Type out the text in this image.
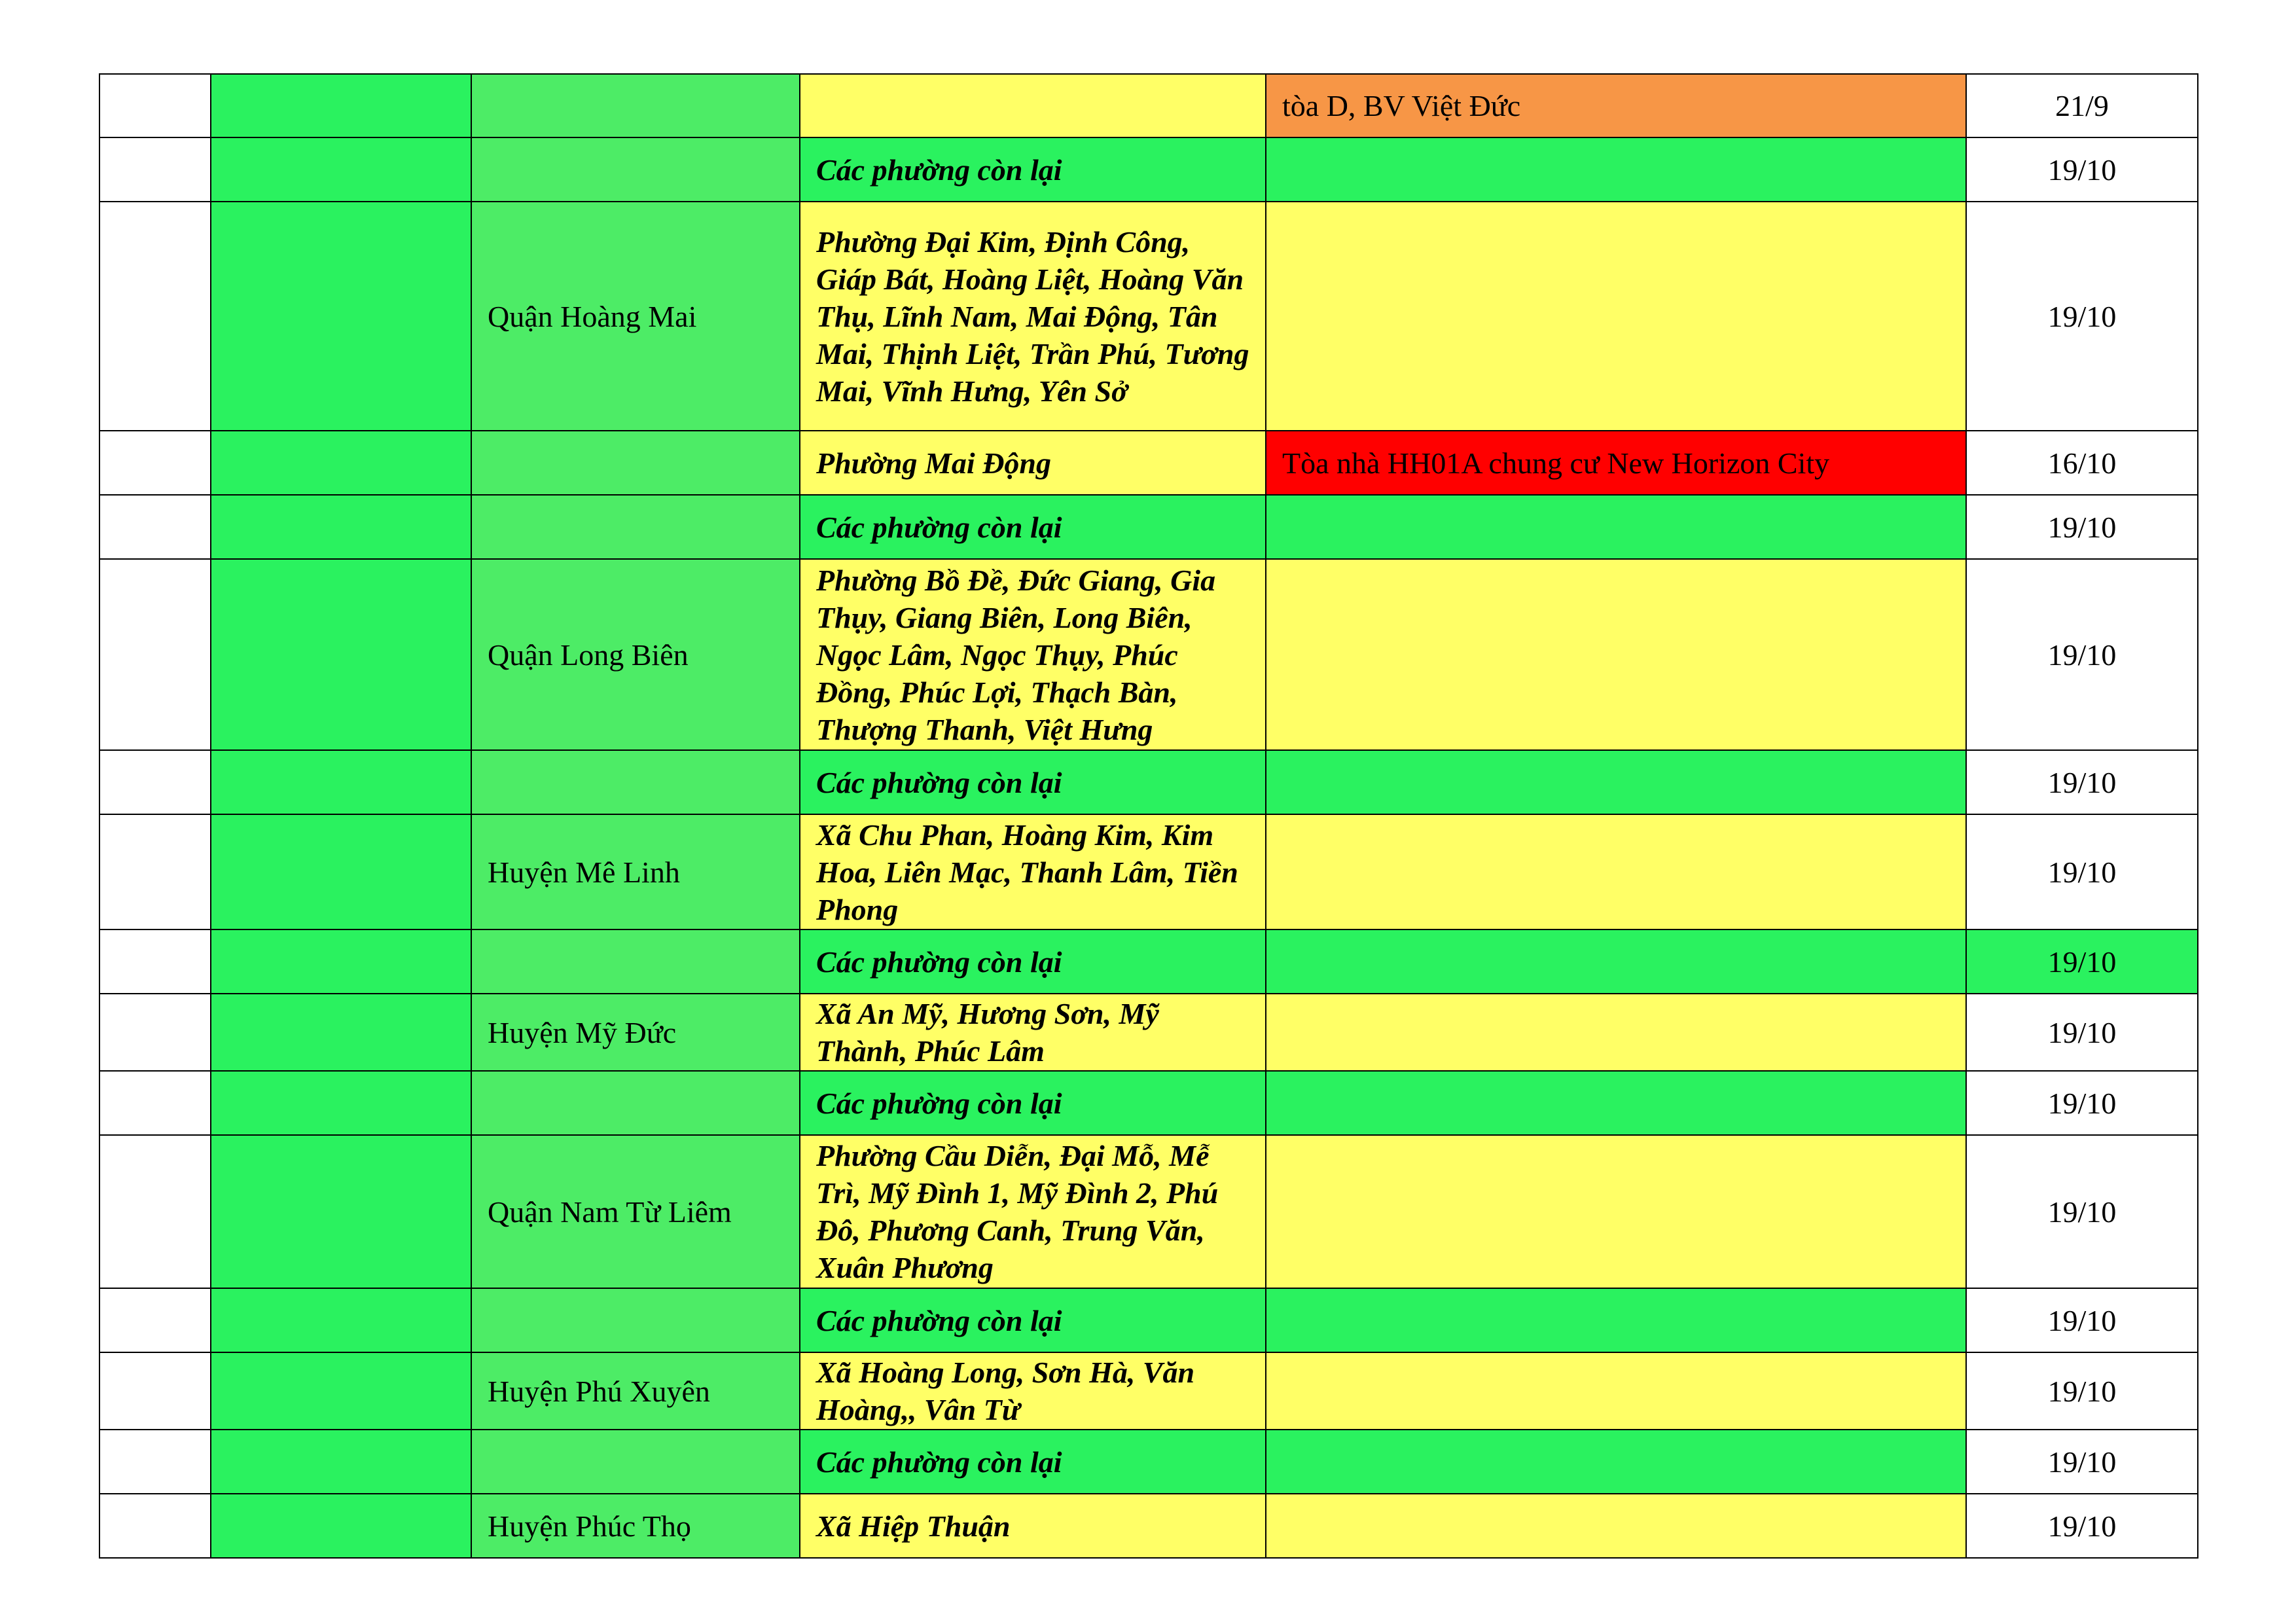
				tòa D, BV Việt Đức	21/9
			Các phường còn lại		19/10
		Quận Hoàng Mai	Phường Đại Kim, Định Công, Giáp Bát, Hoàng Liệt, Hoàng Văn Thụ, Lĩnh Nam, Mai Động, Tân Mai, Thịnh Liệt, Trần Phú, Tương Mai, Vĩnh Hưng, Yên Sở		19/10
			Phường Mai Động	Tòa nhà HH01A chung cư New Horizon City	16/10
			Các phường còn lại		19/10
		Quận Long Biên	Phường Bồ Đề, Đức Giang, Gia Thụy, Giang Biên, Long Biên, Ngọc Lâm, Ngọc Thụy, Phúc Đồng, Phúc Lợi, Thạch Bàn, Thượng Thanh, Việt Hưng		19/10
			Các phường còn lại		19/10
		Huyện Mê Linh	Xã Chu Phan, Hoàng Kim, Kim Hoa, Liên Mạc, Thanh Lâm, Tiền Phong		19/10
			Các phường còn lại		19/10
		Huyện Mỹ Đức	Xã An Mỹ, Hương Sơn, Mỹ Thành, Phúc Lâm		19/10
			Các phường còn lại		19/10
		Quận Nam Từ Liêm	Phường Cầu Diễn, Đại Mỗ, Mễ Trì, Mỹ Đình 1, Mỹ Đình 2, Phú Đô, Phương Canh, Trung Văn, Xuân Phương		19/10
			Các phường còn lại		19/10
		Huyện Phú Xuyên	Xã Hoàng Long, Sơn Hà, Văn Hoàng,, Vân Từ		19/10
			Các phường còn lại		19/10
		Huyện Phúc Thọ	Xã Hiệp Thuận		19/10
